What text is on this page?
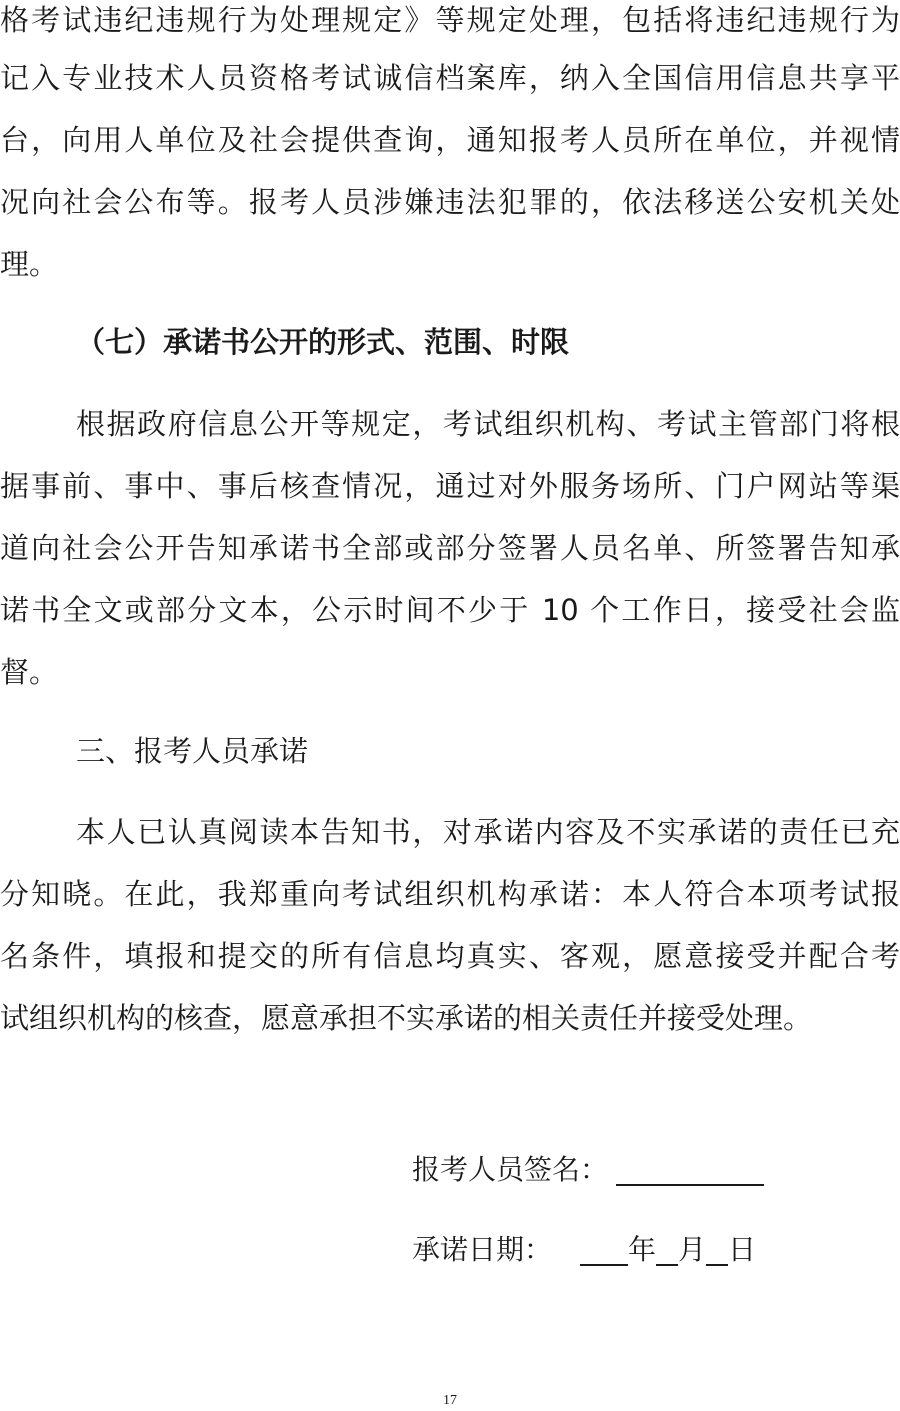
格考试违纪违规行为处理规定》等规定处理，包括将违纪违规行为
记入专业技术人员资格考试诚信档案库，纳入全国信用信息共享平
台，向用人单位及社会提供查询，通知报考人员所在单位，并视情
况向社会公布等。报考人员涉嫌违法犯罪的，依法移送公安机关处
理。
（七）承诺书公开的形式、范围、时限
根据政府信息公开等规定，考试组织机构、考试主管部门将根
据事前、事中、事后核查情况，通过对外服务场所、门户网站等渠
道向社会公开告知承诺书全部或部分签署人员名单、所签署告知承
诺书全文或部分文本，公示时间不少于 10 个工作日，接受社会监
督。
三、报考人员承诺
本人已认真阅读本告知书，对承诺内容及不实承诺的责任已充
分知晓。在此，我郑重向考试组织机构承诺：本人符合本项考试报
名条件，填报和提交的所有信息均真实、客观，愿意接受并配合考
试组织机构的核查，愿意承担不实承诺的相关责任并接受处理。
报考人员签名：
承诺日期：	年 月 日
17
